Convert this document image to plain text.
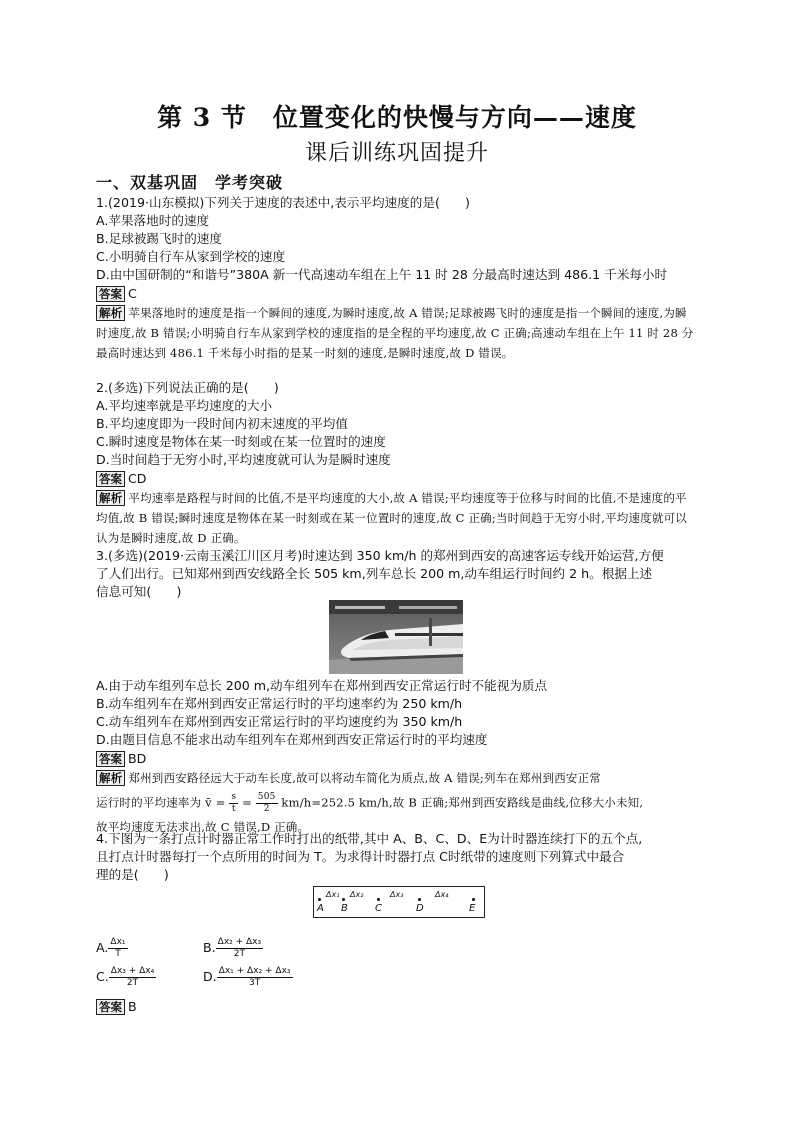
第 3 节　位置变化的快慢与方向——速度
课后训练巩固提升
一、双基巩固　学考突破
1.(2019·山东模拟)下列关于速度的表述中,表示平均速度的是(　　)
A.苹果落地时的速度
B.足球被踢飞时的速度
C.小明骑自行车从家到学校的速度
D.由中国研制的“和谐号”380A 新一代高速动车组在上午 11 时 28 分最高时速达到 486.1 千米每小时
答案 C
解析 苹果落地时的速度是指一个瞬间的速度,为瞬时速度,故 A 错误;足球被踢飞时的速度是指一个瞬间的速度,为瞬时速度,故 B 错误;小明骑自行车从家到学校的速度指的是全程的平均速度,故 C 正确;高速动车组在上午 11 时 28 分最高时速达到 486.1 千米每小时指的是某一时刻的速度,是瞬时速度,故 D 错误。
2.(多选)下列说法正确的是(　　)
A.平均速率就是平均速度的大小
B.平均速度即为一段时间内初末速度的平均值
C.瞬时速度是物体在某一时刻或在某一位置时的速度
D.当时间趋于无穷小时,平均速度就可认为是瞬时速度
答案 CD
解析 平均速率是路程与时间的比值,不是平均速度的大小,故 A 错误;平均速度等于位移与时间的比值,不是速度的平均值,故 B 错误;瞬时速度是物体在某一时刻或在某一位置时的速度,故 C 正确;当时间趋于无穷小时,平均速度就可以认为是瞬时速度,故 D 正确。
3.(多选)(2019·云南玉溪江川区月考)时速达到 350 km/h 的郑州到西安的高速客运专线开始运营,方便
了人们出行。已知郑州到西安线路全长 505 km,列车总长 200 m,动车组运行时间约 2 h。根据上述
信息可知(　　)
A.由于动车组列车总长 200 m,动车组列车在郑州到西安正常运行时不能视为质点
B.动车组列车在郑州到西安正常运行时的平均速率约为 250 km/h
C.动车组列车在郑州到西安正常运行时的平均速度约为 350 km/h
D.由题目信息不能求出动车组列车在郑州到西安正常运行时的平均速度
答案 BD
解析 郑州到西安路径远大于动车长度,故可以将动车简化为质点,故 A 错误;列车在郑州到西安正常
运行时的平均速率为 v̄ = $\frac{s}{t} = \frac{505}{2} km/h=252.5$ km/h,故 B 正确;郑州到西安路线是曲线,位移大小未知,
故平均速度无法求出,故 C 错误,D 正确。
4.下图为一条打点计时器正常工作时打出的纸带,其中 A、B、C、D、E为计时器连续打下的五个点,
且打点计时器每打一个点所用的时间为 T。为求得计时器打点 C时纸带的速度则下列算式中最合
理的是(　　)
Δx₁ Δx₂	Δx₃	Δx₄
A B	C	D	E
A. $\frac{\text{Δx₁}}{T}$	B. $\frac{\text{Δx₂ + Δx₃}}{2T}$
C. $\frac{\text{Δx₃ + Δx₄}}{2T}$	D. $\frac{\text{Δx₁ + Δx₂ + Δx₃}}{3T}$
答案 B
